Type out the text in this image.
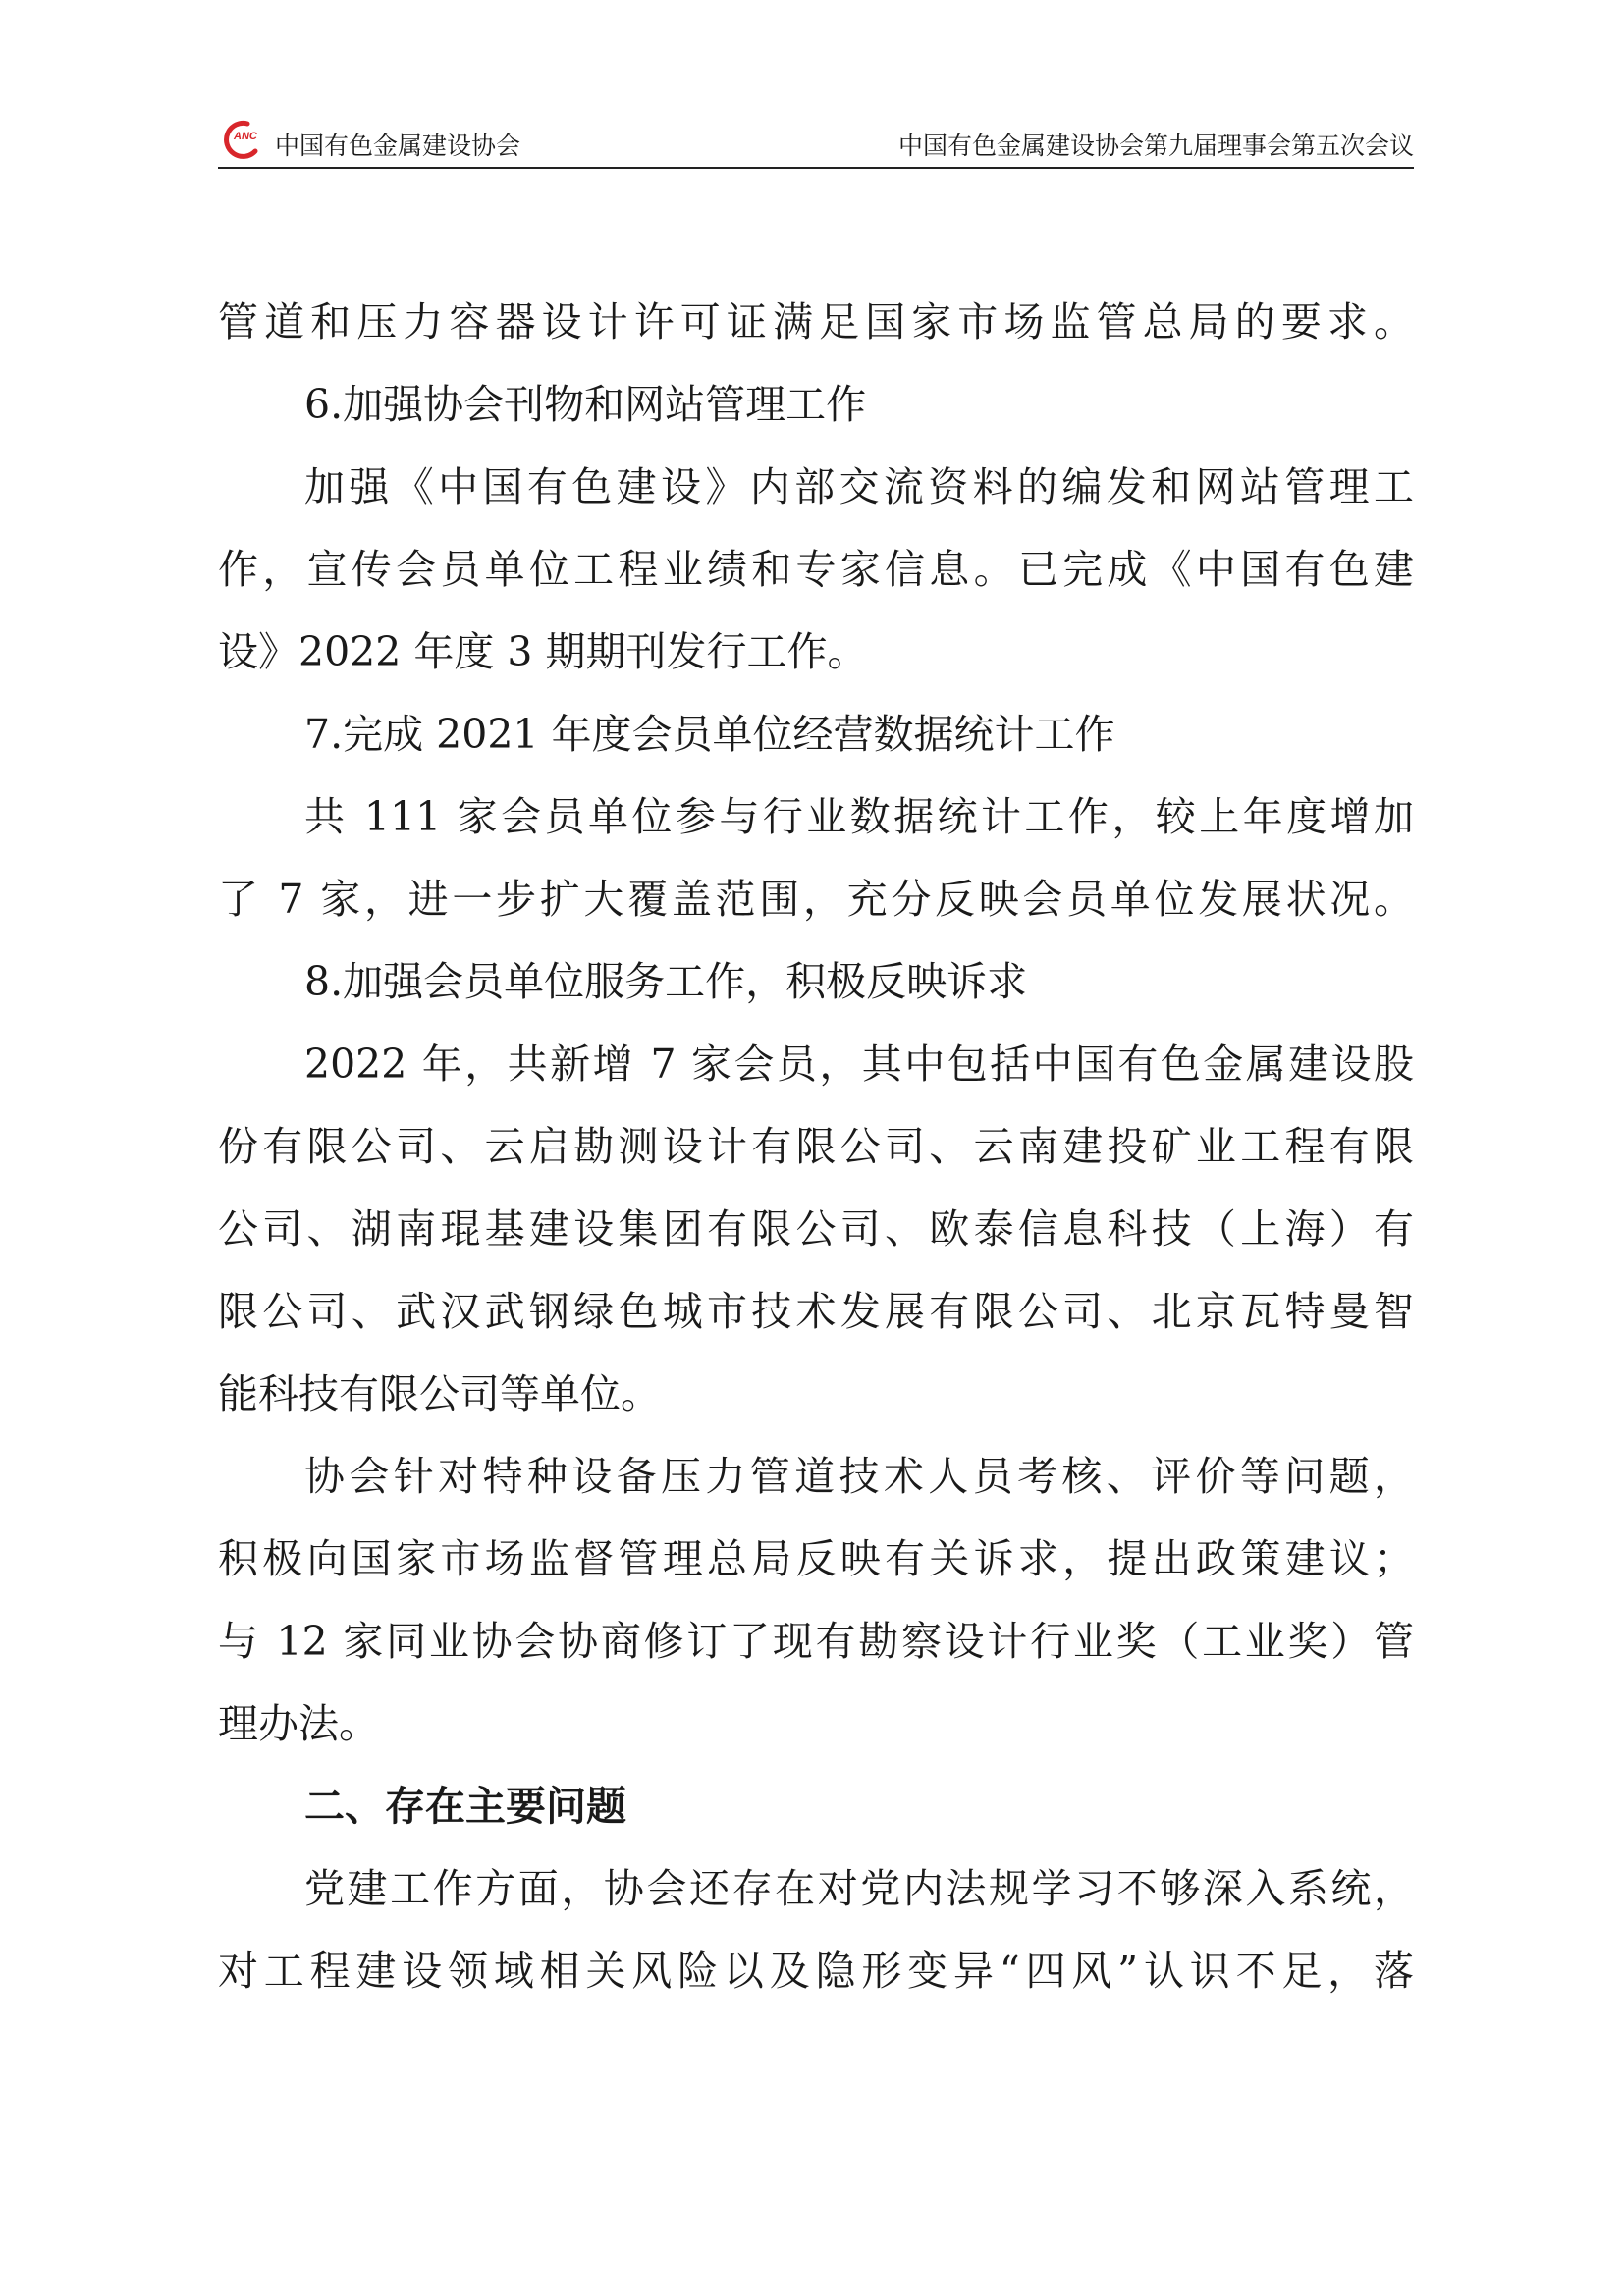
ANC 中国有色金属建设协会	中国有色金属建设协会第九届理事会第五次会议
管道和压力容器设计许可证满足国家市场监管总局的要求。
6.加强协会刊物和网站管理工作
加强《中国有色建设》内部交流资料的编发和网站管理工
作，宣传会员单位工程业绩和专家信息。已完成《中国有色建
设》2022 年度 3 期期刊发行工作。
7.完成 2021 年度会员单位经营数据统计工作
共 111 家会员单位参与行业数据统计工作，较上年度增加
了 7 家，进一步扩大覆盖范围，充分反映会员单位发展状况。
8.加强会员单位服务工作，积极反映诉求
2022 年，共新增 7 家会员，其中包括中国有色金属建设股
份有限公司、云启勘测设计有限公司、云南建投矿业工程有限
公司、湖南琨基建设集团有限公司、欧泰信息科技（上海）有
限公司、武汉武钢绿色城市技术发展有限公司、北京瓦特曼智
能科技有限公司等单位。
协会针对特种设备压力管道技术人员考核、评价等问题，
积极向国家市场监督管理总局反映有关诉求，提出政策建议；
与 12 家同业协会协商修订了现有勘察设计行业奖（工业奖）管
理办法。
二、存在主要问题
党建工作方面，协会还存在对党内法规学习不够深入系统，
对工程建设领域相关风险以及隐形变异“四风”认识不足，落
